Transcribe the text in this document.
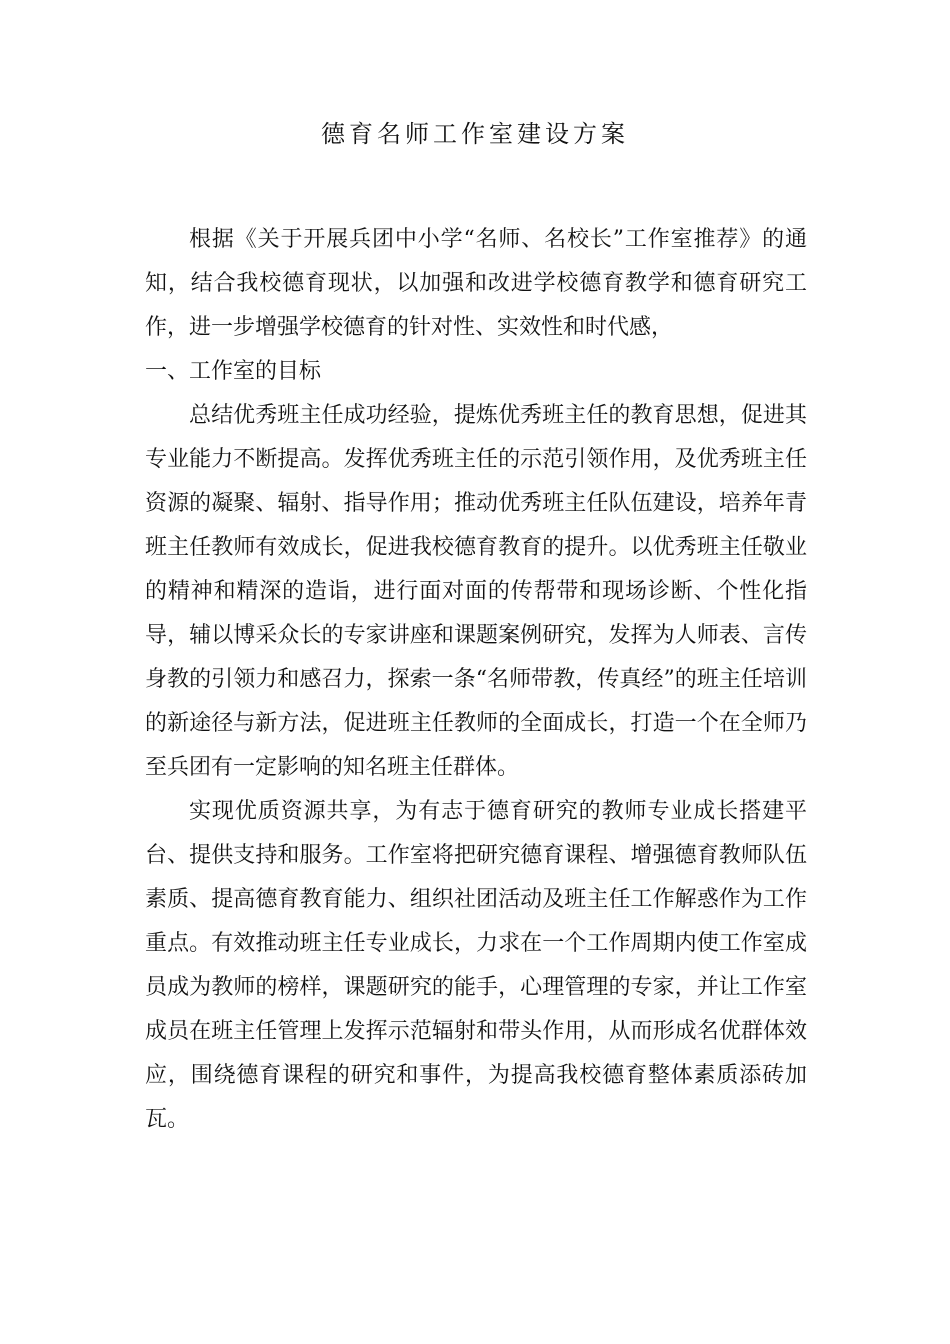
德育名师工作室建设方案

根据《关于开展兵团中小学“名师、名校长”工作室推荐》的通知，结合我校德育现状，以加强和改进学校德育教学和德育研究工作，进一步增强学校德育的针对性、实效性和时代感，

一、工作室的目标

总结优秀班主任成功经验，提炼优秀班主任的教育思想，促进其专业能力不断提高。发挥优秀班主任的示范引领作用，及优秀班主任资源的凝聚、辐射、指导作用；推动优秀班主任队伍建设，培养年青班主任教师有效成长，促进我校德育教育的提升。以优秀班主任敬业的精神和精深的造诣，进行面对面的传帮带和现场诊断、个性化指导，辅以博采众长的专家讲座和课题案例研究，发挥为人师表、言传身教的引领力和感召力，探索一条“名师带教，传真经”的班主任培训的新途径与新方法，促进班主任教师的全面成长，打造一个在全师乃至兵团有一定影响的知名班主任群体。

实现优质资源共享，为有志于德育研究的教师专业成长搭建平台、提供支持和服务。工作室将把研究德育课程、增强德育教师队伍素质、提高德育教育能力、组织社团活动及班主任工作解惑作为工作重点。有效推动班主任专业成长，力求在一个工作周期内使工作室成员成为教师的榜样，课题研究的能手，心理管理的专家，并让工作室成员在班主任管理上发挥示范辐射和带头作用，从而形成名优群体效应，围绕德育课程的研究和事件，为提高我校德育整体素质添砖加瓦。
